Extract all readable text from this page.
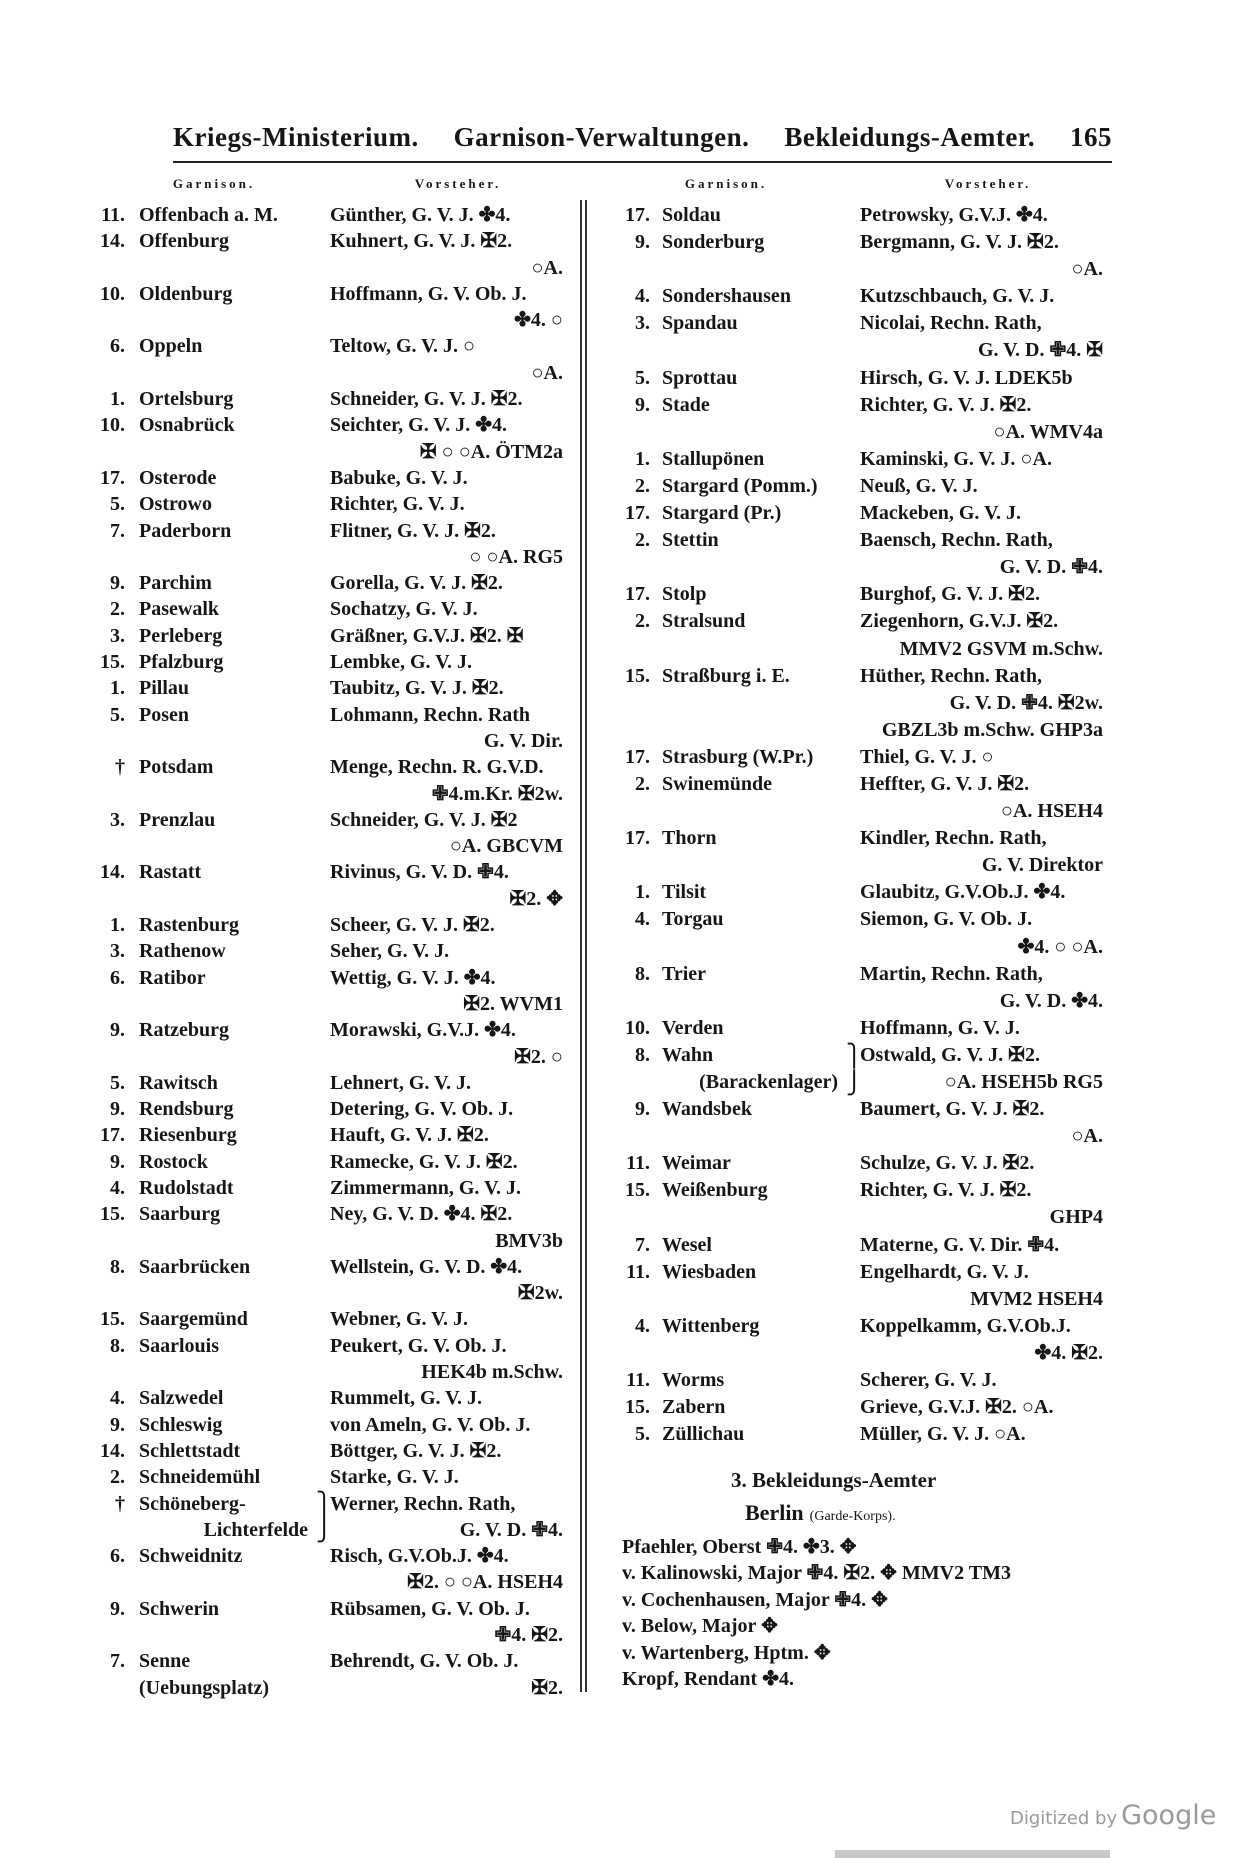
Kriegs-Ministerium. Garnison-Verwaltungen. Bekleidungs-Aemter. 165
Garnison.	Vorsteher.	Garnison.	Vorsteher.
11. Offenbach a. M.	Günther, G. V. J. ✤4.
14. Offenburg	Kuhnert, G. V. J. ✠2.
○A.
10. Oldenburg	Hoffmann, G. V. Ob. J.
✤4. ○
6. Oppeln	Teltow, G. V. J. ○
○A.
1. Ortelsburg	Schneider, G. V. J. ✠2.
10. Osnabrück	Seichter, G. V. J. ✤4.
✠ ○ ○A. ÖTM2a
17. Osterode	Babuke, G. V. J.
5. Ostrowo	Richter, G. V. J.
7. Paderborn	Flitner, G. V. J. ✠2.
○ ○A. RG5
9. Parchim	Gorella, G. V. J. ✠2.
2. Pasewalk	Sochatzy, G. V. J.
3. Perleberg	Gräßner, G.V.J. ✠2. ✠
15. Pfalzburg	Lembke, G. V. J.
1. Pillau	Taubitz, G. V. J. ✠2.
5. Posen	Lohmann, Rechn. Rath
G. V. Dir.
† Potsdam	Menge, Rechn. R. G.V.D.
✙4.m.Kr. ✠2w.
3. Prenzlau	Schneider, G. V. J. ✠2
○A. GBCVM
14. Rastatt	Rivinus, G. V. D. ✙4.
✠2. ✥
1. Rastenburg	Scheer, G. V. J. ✠2.
3. Rathenow	Seher, G. V. J.
6. Ratibor	Wettig, G. V. J. ✤4.
✠2. WVM1
9. Ratzeburg	Morawski, G.V.J. ✤4.
✠2. ○
5. Rawitsch	Lehnert, G. V. J.
9. Rendsburg	Detering, G. V. Ob. J.
17. Riesenburg	Hauft, G. V. J. ✠2.
9. Rostock	Ramecke, G. V. J. ✠2.
4. Rudolstadt	Zimmermann, G. V. J.
15. Saarburg	Ney, G. V. D. ✤4. ✠2.
BMV3b
8. Saarbrücken	Wellstein, G. V. D. ✤4.
✠2w.
15. Saargemünd	Webner, G. V. J.
8. Saarlouis	Peukert, G. V. Ob. J.
HEK4b m.Schw.
4. Salzwedel	Rummelt, G. V. J.
9. Schleswig	von Ameln, G. V. Ob. J.
14. Schlettstadt	Böttger, G. V. J. ✠2.
2. Schneidemühl	Starke, G. V. J.
† Schöneberg-	⎫
Werner, Rechn. Rath,
Lichterfelde ⎭	G. V. D. ✙4.
6. Schweidnitz	Risch, G.V.Ob.J. ✤4.
✠2. ○ ○A. HSEH4
9. Schwerin	Rübsamen, G. V. Ob. J.
✙4. ✠2.
7. Senne	Behrendt, G. V. Ob. J.
(Uebungsplatz)	✠2.
17. Soldau	Petrowsky, G.V.J. ✤4.
9. Sonderburg	Bergmann, G. V. J. ✠2.
○A.
4. Sondershausen	Kutzschbauch, G. V. J.
3. Spandau	Nicolai, Rechn. Rath,
G. V. D. ✙4. ✠
5. Sprottau	Hirsch, G. V. J. LDEK5b
9. Stade	Richter, G. V. J. ✠2.
○A. WMV4a
1. Stallupönen	Kaminski, G. V. J. ○A.
2. Stargard (Pomm.) Neuß, G. V. J.
17. Stargard (Pr.)	Mackeben, G. V. J.
2. Stettin	Baensch, Rechn. Rath,
G. V. D. ✙4.
17. Stolp	Burghof, G. V. J. ✠2.
2. Stralsund	Ziegenhorn, G.V.J. ✠2.
MMV2 GSVM m.Schw.
15. Straßburg i. E.	Hüther, Rechn. Rath,
G. V. D. ✙4. ✠2w.
GBZL3b m.Schw. GHP3a
17. Strasburg (W.Pr.) Thiel, G. V. J. ○
2. Swinemünde	Heffter, G. V. J. ✠2.
○A. HSEH4
17. Thorn	Kindler, Rechn. Rath,
G. V. Direktor
1. Tilsit	Glaubitz, G.V.Ob.J. ✤4.
4. Torgau	Siemon, G. V. Ob. J.
✤4. ○ ○A.
8. Trier	Martin, Rechn. Rath,
G. V. D. ✤4.
10. Verden	Hoffmann, G. V. J.
8. Wahn	⎫
Ostwald, G. V. J. ✠2.
(Barackenlager) ⎭	○A. HSEH5b RG5
9. Wandsbek	Baumert, G. V. J. ✠2.
○A.
11. Weimar	Schulze, G. V. J. ✠2.
15. Weißenburg	Richter, G. V. J. ✠2.
GHP4
7. Wesel	Materne, G. V. Dir. ✙4.
11. Wiesbaden	Engelhardt, G. V. J.
MVM2 HSEH4
4. Wittenberg	Koppelkamm, G.V.Ob.J.
✤4. ✠2.
11. Worms	Scherer, G. V. J.
15. Zabern	Grieve, G.V.J. ✠2. ○A.
5. Züllichau	Müller, G. V. J. ○A.
3. Bekleidungs-Aemter
Berlin (Garde-Korps).
Pfaehler, Oberst ✙4. ✤3. ✥
v. Kalinowski, Major ✙4. ✠2. ✥ MMV2 TM3
v. Cochenhausen, Major ✙4. ✥
v. Below, Major ✥
v. Wartenberg, Hptm. ✥
Kropf, Rendant ✤4.
Digitized by Google
